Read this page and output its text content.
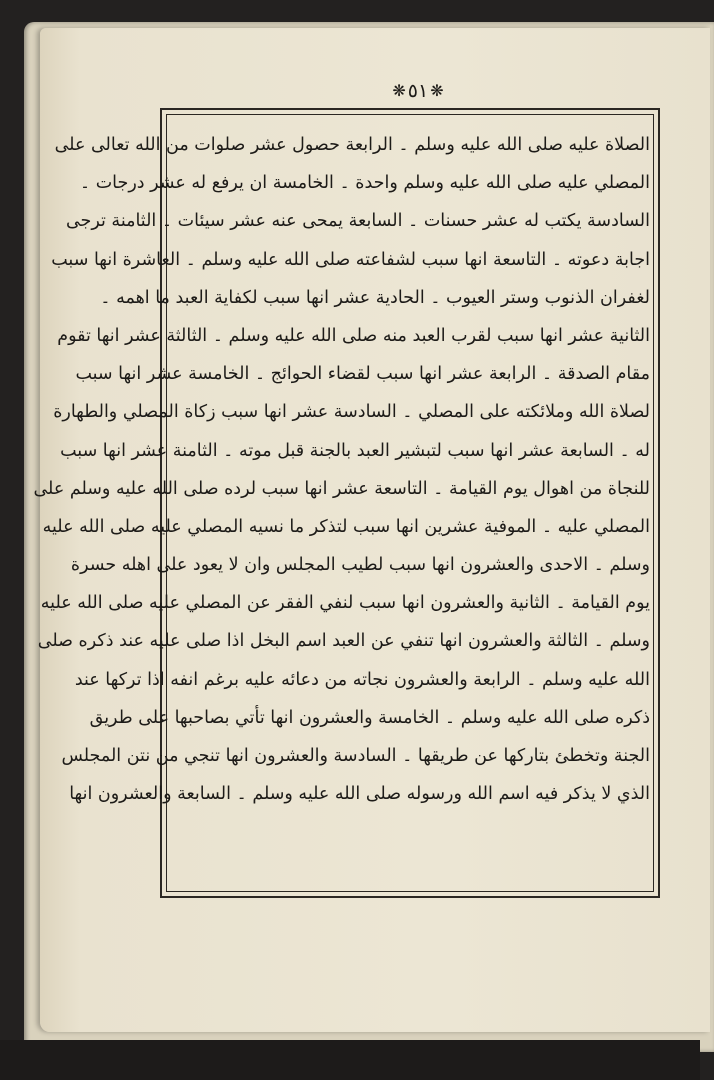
❋ ٥١ ❋
الصلاة عليه صلى الله عليه وسلم ۔ الرابعة حصول عشر صلوات من الله تعالى على
المصلي عليه صلى الله عليه وسلم واحدة ۔ الخامسة ان يرفع له عشر درجات ۔
السادسة يكتب له عشر حسنات ۔ السابعة يمحى عنه عشر سيئات ۔ الثامنة ترجى
اجابة دعوته ۔ التاسعة انها سبب لشفاعته صلى الله عليه وسلم ۔ العاشرة انها سبب
لغفران الذنوب وستر العيوب ۔ الحادية عشر انها سبب لكفاية العبد ما اهمه ۔
الثانية عشر انها سبب لقرب العبد منه صلى الله عليه وسلم ۔ الثالثة عشر انها تقوم
مقام الصدقة ۔ الرابعة عشر انها سبب لقضاء الحوائج ۔ الخامسة عشر انها سبب
لصلاة الله وملائكته على المصلي ۔ السادسة عشر انها سبب زكاة المصلي والطهارة
له ۔ السابعة عشر انها سبب لتبشير العبد بالجنة قبل موته ۔ الثامنة عشر انها سبب
للنجاة من اهوال يوم القيامة ۔ التاسعة عشر انها سبب لرده صلى الله عليه وسلم على
المصلي عليه ۔ الموفية عشرين انها سبب لتذكر ما نسيه المصلي عليه صلى الله عليه
وسلم ۔ الاحدى والعشرون انها سبب لطيب المجلس وان لا يعود على اهله حسرة
يوم القيامة ۔ الثانية والعشرون انها سبب لنفي الفقر عن المصلي عليه صلى الله عليه
وسلم ۔ الثالثة والعشرون انها تنفي عن العبد اسم البخل اذا صلى عليه عند ذكره صلى
الله عليه وسلم ۔ الرابعة والعشرون نجاته من دعائه عليه برغم انفه اذا تركها عند
ذكره صلى الله عليه وسلم ۔ الخامسة والعشرون انها تأتي بصاحبها على طريق
الجنة وتخطئ بتاركها عن طريقها ۔ السادسة والعشرون انها تنجي من نتن المجلس
الذي لا يذكر فيه اسم الله ورسوله صلى الله عليه وسلم ۔ السابعة والعشرون انها
